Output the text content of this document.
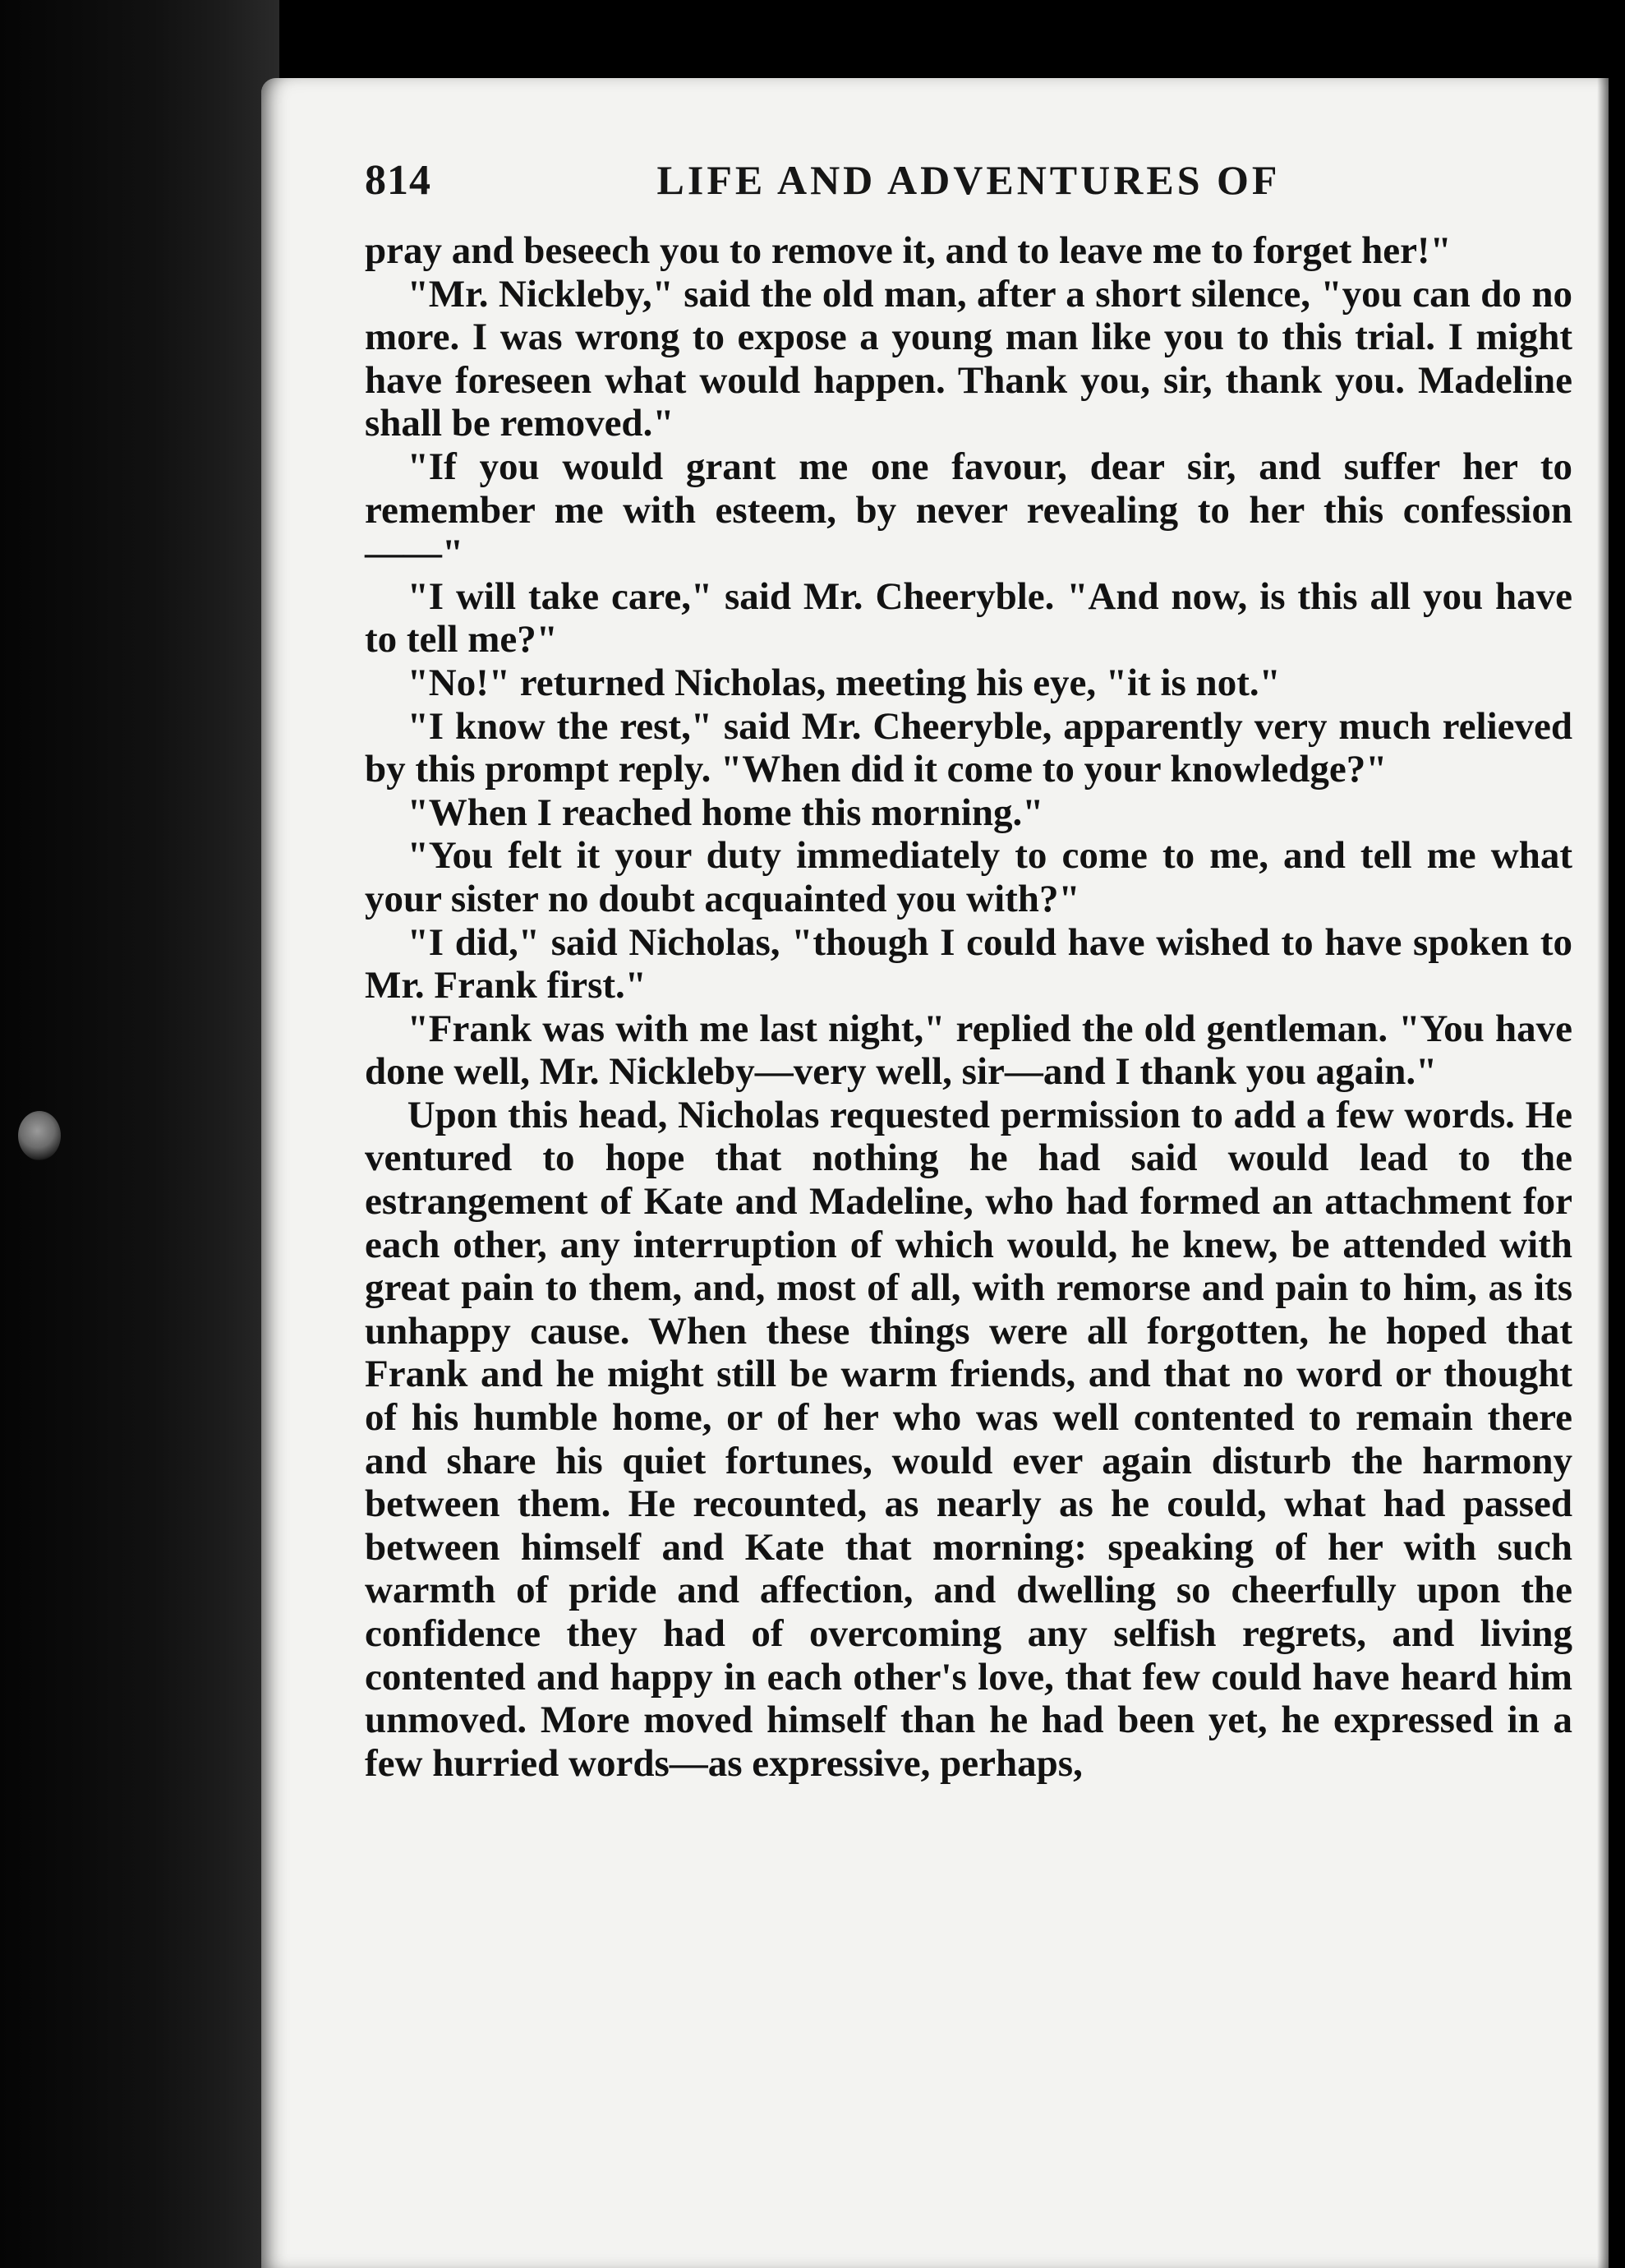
814	LIFE AND ADVENTURES OF

pray and beseech you to remove it, and to leave me to forget her!"

"Mr. Nickleby," said the old man, after a short silence, "you can do no more. I was wrong to expose a young man like you to this trial. I might have foreseen what would happen. Thank you, sir, thank you. Madeline shall be removed."

"If you would grant me one favour, dear sir, and suffer her to remember me with esteem, by never revealing to her this confession——"

"I will take care," said Mr. Cheeryble. "And now, is this all you have to tell me?"

"No!" returned Nicholas, meeting his eye, "it is not."

"I know the rest," said Mr. Cheeryble, apparently very much relieved by this prompt reply. "When did it come to your knowledge?"

"When I reached home this morning."

"You felt it your duty immediately to come to me, and tell me what your sister no doubt acquainted you with?"

"I did," said Nicholas, "though I could have wished to have spoken to Mr. Frank first."

"Frank was with me last night," replied the old gentleman. "You have done well, Mr. Nickleby—very well, sir—and I thank you again."

Upon this head, Nicholas requested permission to add a few words. He ventured to hope that nothing he had said would lead to the estrangement of Kate and Madeline, who had formed an attachment for each other, any interruption of which would, he knew, be attended with great pain to them, and, most of all, with remorse and pain to him, as its unhappy cause. When these things were all forgotten, he hoped that Frank and he might still be warm friends, and that no word or thought of his humble home, or of her who was well contented to remain there and share his quiet fortunes, would ever again disturb the harmony between them. He recounted, as nearly as he could, what had passed between himself and Kate that morning: speaking of her with such warmth of pride and affection, and dwelling so cheerfully upon the confidence they had of overcoming any selfish regrets, and living contented and happy in each other's love, that few could have heard him unmoved. More moved himself than he had been yet, he expressed in a few hurried words—as expressive, perhaps,
